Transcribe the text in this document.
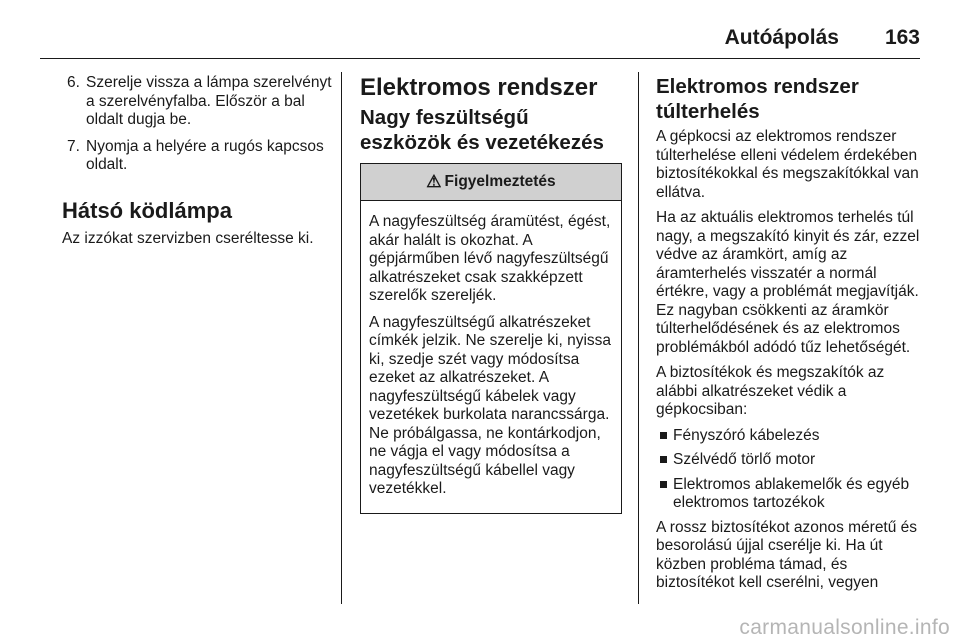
Autóápolás 163
6. Szerelje vissza a lámpa szerelvényt a szerelvényfalba. Először a bal oldalt dugja be.
7. Nyomja a helyére a rugós kapcsos oldalt.
Hátsó ködlámpa

Az izzókat szervizben cseréltesse ki.

Elektromos rendszer
Nagy feszültségű eszközök és vezetékezés
⚠ Figyelmeztetés

A nagyfeszültség áramütést, égést, akár halált is okozhat. A gépjárműben lévő nagyfeszültségű alkatrészeket csak szakképzett szerelők szereljék.

A nagyfeszültségű alkatrészeket címkék jelzik. Ne szerelje ki, nyissa ki, szedje szét vagy módosítsa ezeket az alkatrészeket. A nagyfeszültségű kábelek vagy vezetékek burkolata narancssárga. Ne próbálgassa, ne kontárkodjon, ne vágja el vagy módosítsa a nagyfeszültségű kábellel vagy vezetékkel.

Elektromos rendszer túlterhelés

A gépkocsi az elektromos rendszer túlterhelése elleni védelem érdekében biztosítékokkal és megszakítókkal van ellátva.

Ha az aktuális elektromos terhelés túl nagy, a megszakító kinyit és zár, ezzel védve az áramkört, amíg az áramterhelés visszatér a normál értékre, vagy a problémát megjavítják. Ez nagyban csökkenti az áramkör túlterhelődésének és az elektromos problémákból adódó tűz lehetőségét.

A biztosítékok és megszakítók az alábbi alkatrészeket védik a gépkocsiban:

Fényszóró kábelezés
Szélvédő törlő motor
Elektromos ablakemelők és egyéb elektromos tartozékok

A rossz biztosítékot azonos méretű és besorolású újjal cserélje ki. Ha út közben probléma támad, és biztosítékot kell cserélni, vegyen

carmanualsonline.info
